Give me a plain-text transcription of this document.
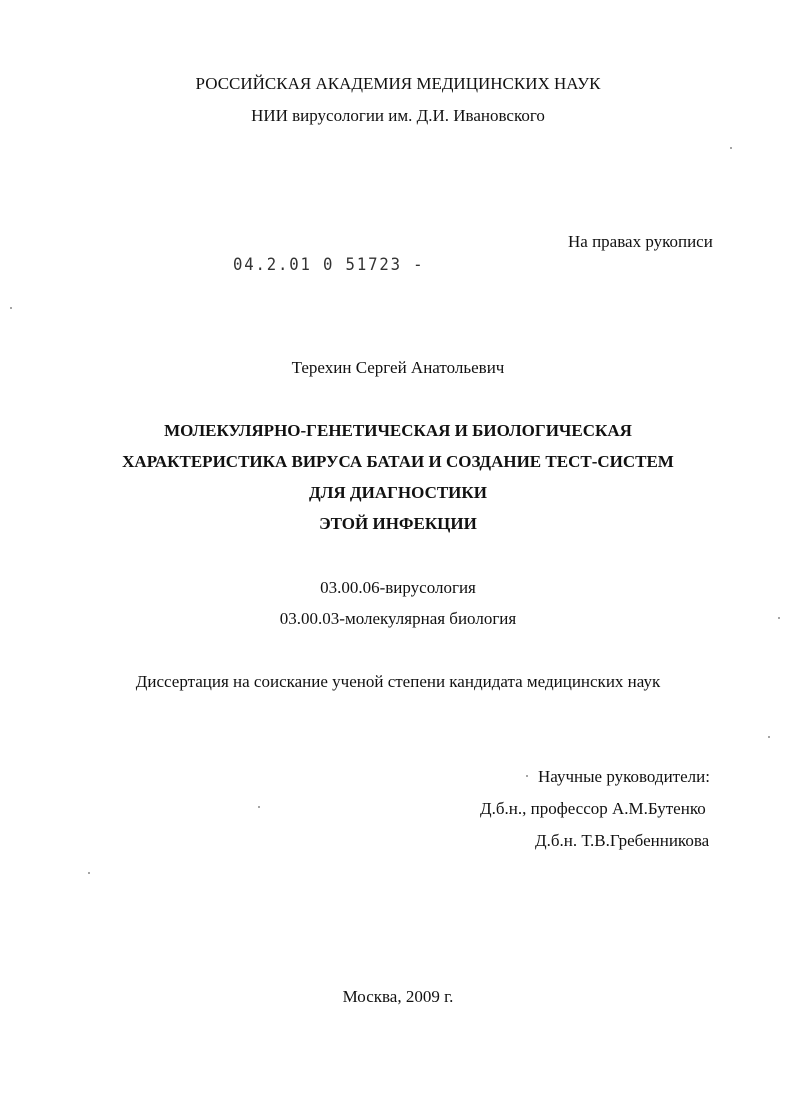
РОССИЙСКАЯ АКАДЕМИЯ МЕДИЦИНСКИХ НАУК
НИИ вирусологии им. Д.И. Ивановского
На правах рукописи
04.2.01 0 51723 -
Терехин Сергей Анатольевич
МОЛЕКУЛЯРНО-ГЕНЕТИЧЕСКАЯ И БИОЛОГИЧЕСКАЯ
ХАРАКТЕРИСТИКА ВИРУСА БАТАИ И СОЗДАНИЕ ТЕСТ-СИСТЕМ
ДЛЯ ДИАГНОСТИКИ
ЭТОЙ ИНФЕКЦИИ
03.00.06-вирусология
03.00.03-молекулярная биология
Диссертация на соискание ученой степени кандидата медицинских наук
Научные руководители:
Д.б.н., профессор А.М.Бутенко
Д.б.н. Т.В.Гребенникова
Москва, 2009 г.
